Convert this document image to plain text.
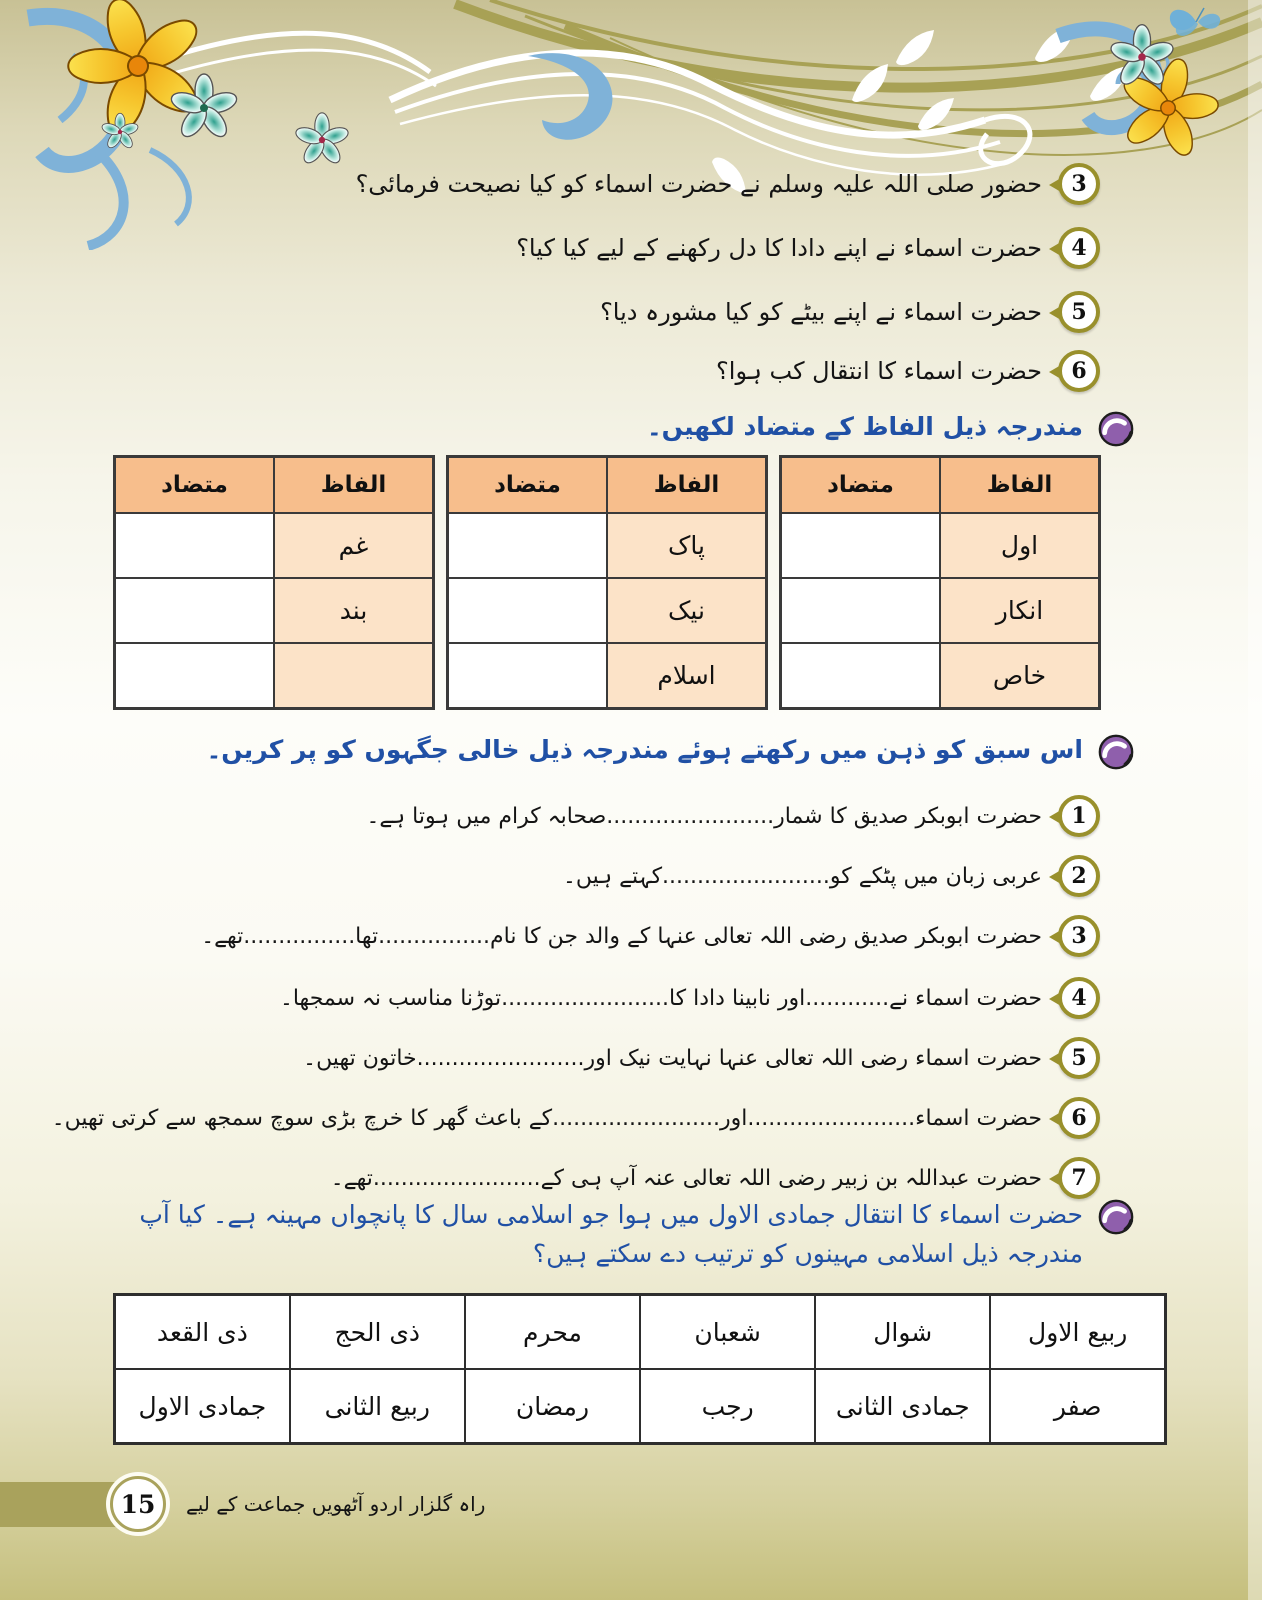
3
حضور صلی اللہ علیہ وسلم نے حضرت اسماء کو کیا نصیحت فرمائی؟
4
حضرت اسماء نے اپنے دادا کا دل رکھنے کے لیے کیا کیا؟
5
حضرت اسماء نے اپنے بیٹے کو کیا مشورہ دیا؟
6
حضرت اسماء کا انتقال کب ہوا؟
مندرجہ ذیل الفاظ کے متضاد لکھیں۔
الفاظ	متضاد
اول	
انکار	
خاص	
الفاظ	متضاد
پاک	
نیک	
اسلام	
الفاظ	متضاد
غم	
بند	

اس سبق کو ذہن میں رکھتے ہوئے مندرجہ ذیل خالی جگہوں کو پر کریں۔
1
حضرت ابوبکر صدیق کا شمار........................صحابہ کرام میں ہوتا ہے۔
2
عربی زبان میں پٹکے کو........................کہتے ہیں۔
3
حضرت ابوبکر صدیق رضی اللہ تعالی عنہا کے والد جن کا نام................تھا................تھے۔
4
حضرت اسماء نے............اور نابینا دادا کا........................توڑنا مناسب نہ سمجھا۔
5
حضرت اسماء رضی اللہ تعالی عنہا نہایت نیک اور........................خاتون تھیں۔
6
حضرت اسماء........................اور........................کے باعث گھر کا خرچ بڑی سوچ سمجھ سے کرتی تھیں۔
7
حضرت عبداللہ بن زبیر رضی اللہ تعالی عنہ آپ ہی کے........................تھے۔
حضرت اسماء کا انتقال جمادی الاول میں ہوا جو اسلامی سال کا پانچواں مہینہ ہے۔ کیا آپ مندرجہ ذیل اسلامی مہینوں کو ترتیب دے سکتے ہیں؟
ربیع الاول	شوال	شعبان	محرم	ذی الحج	ذی القعد
صفر	جمادی الثانی	رجب	رمضان	ربیع الثانی	جمادی الاول
15 راہ گلزار اردو آٹھویں جماعت کے لیے
